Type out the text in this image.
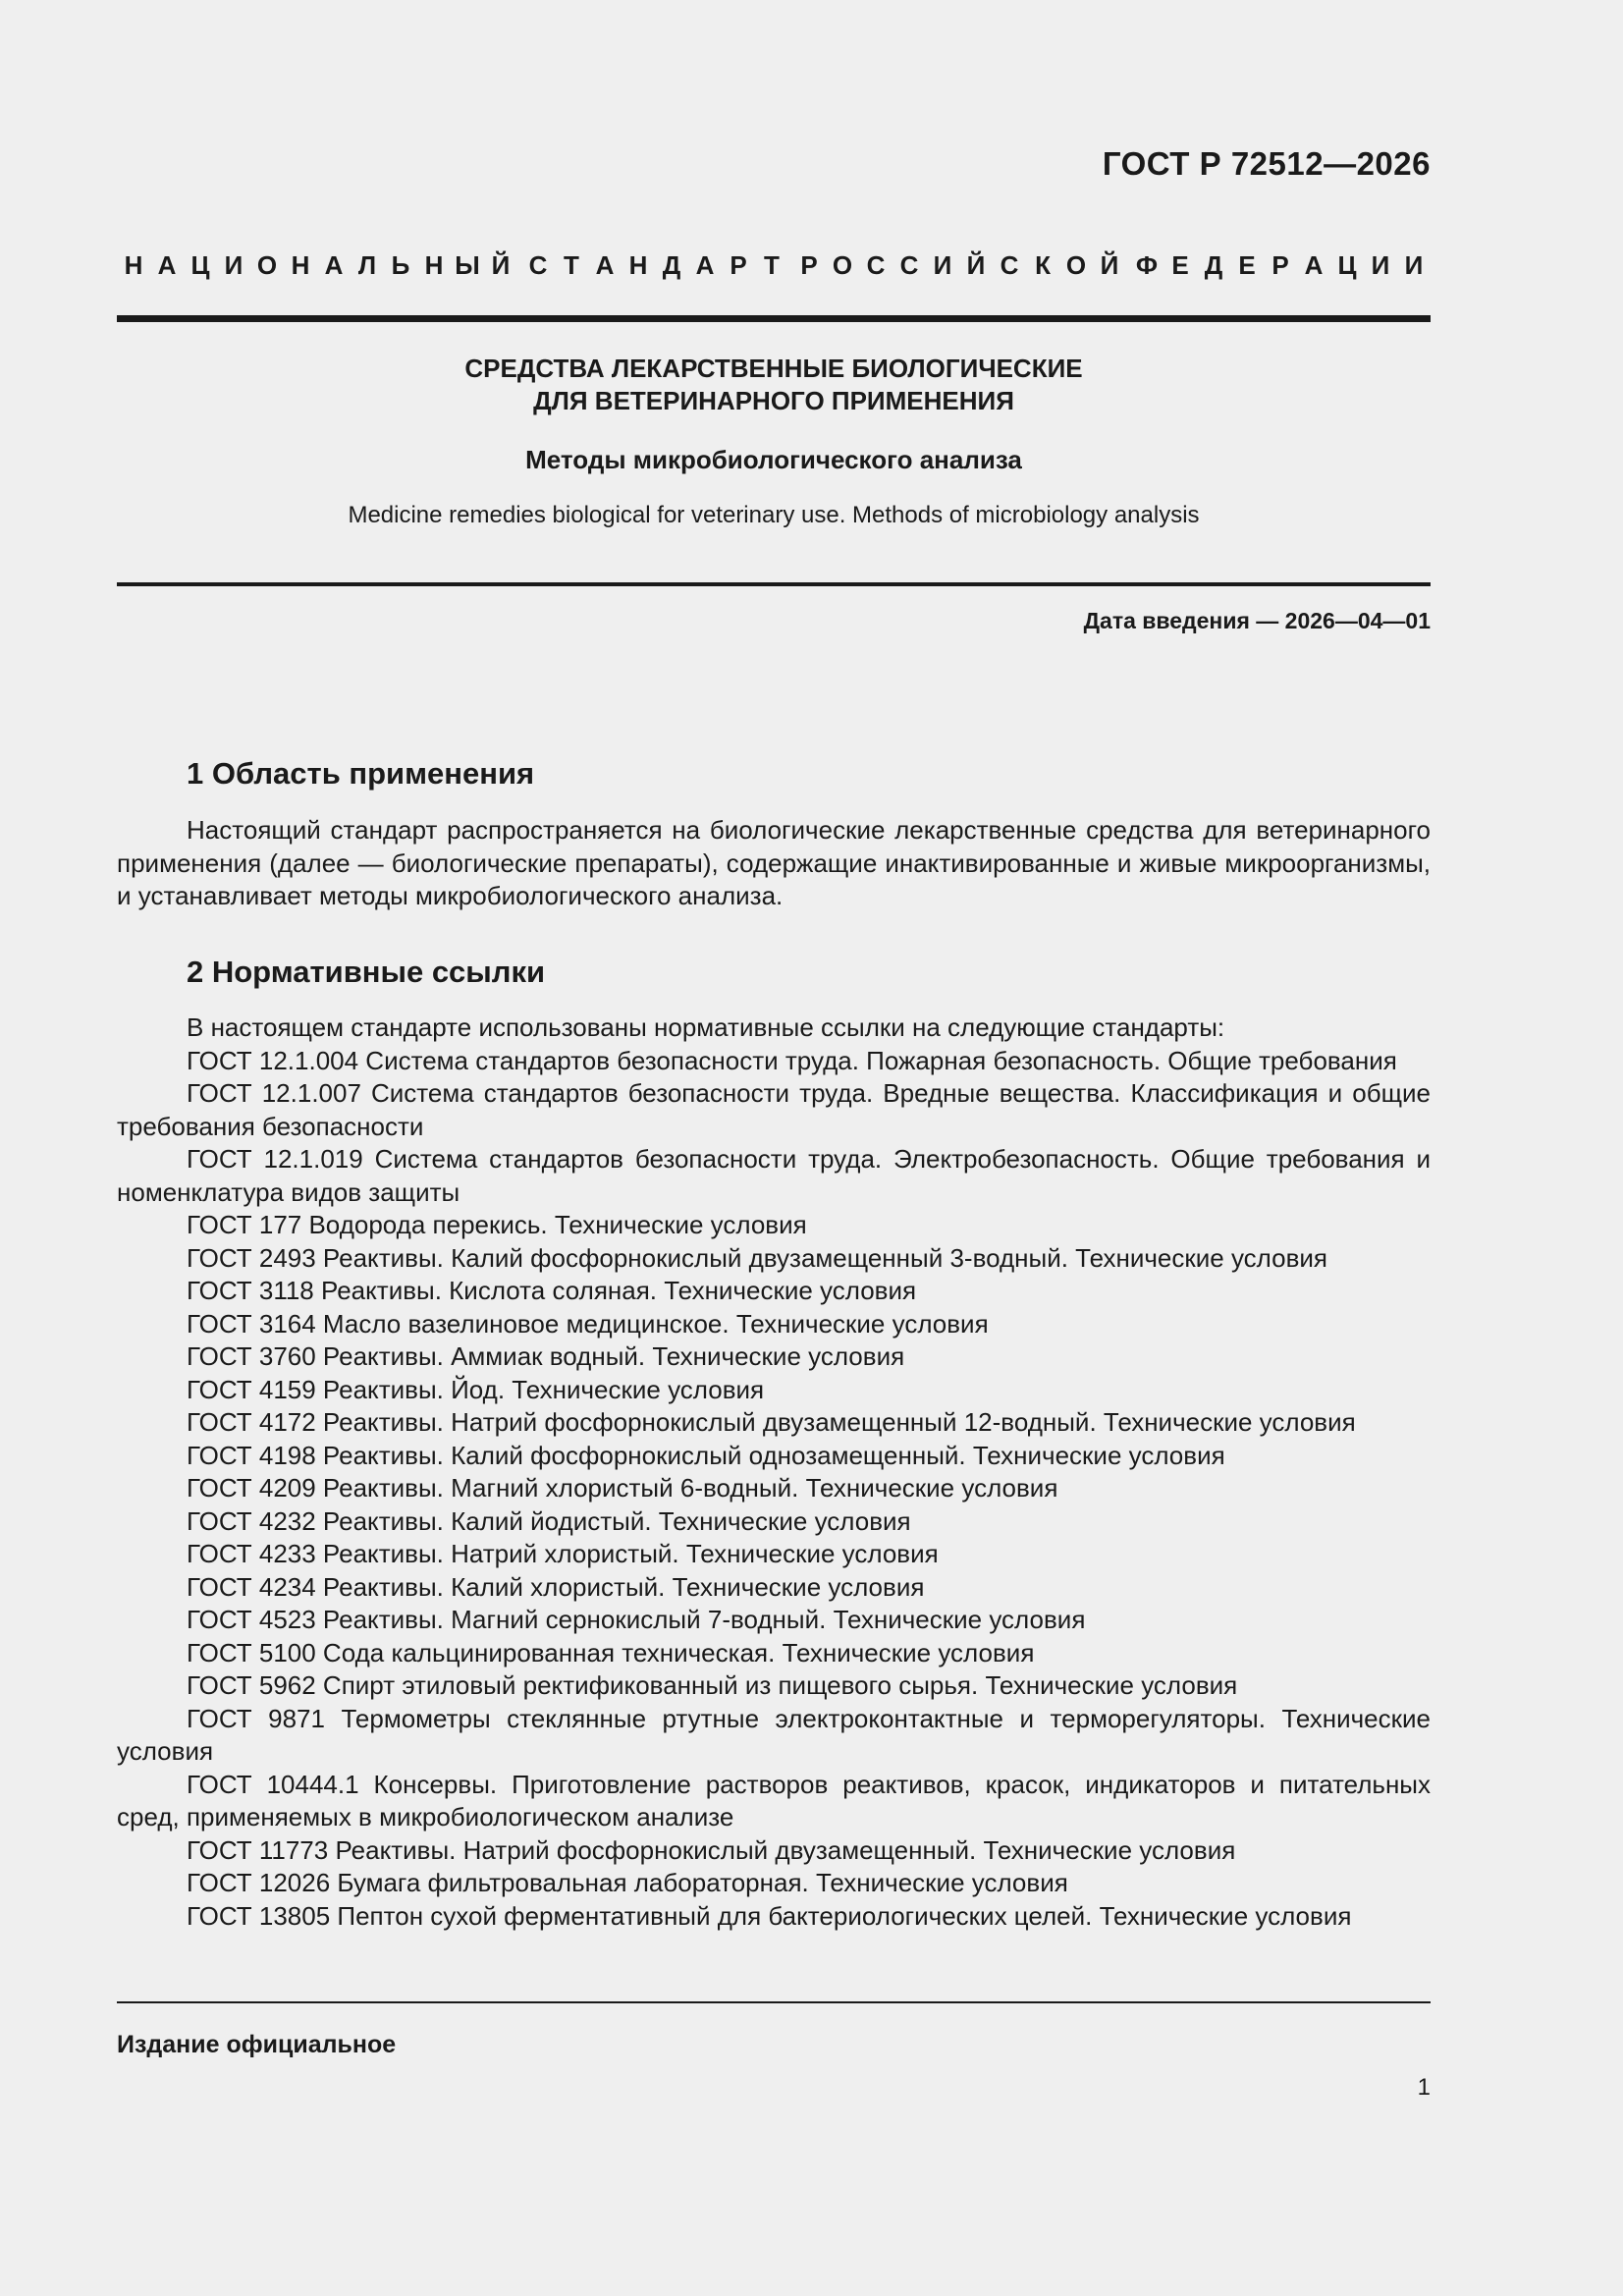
ГОСТ Р 72512—2026
Н А Ц И О Н А Л Ь Н Ы Й С Т А Н Д А Р Т Р О С С И Й С К О Й Ф Е Д Е Р А Ц И И
СРЕДСТВА ЛЕКАРСТВЕННЫЕ БИОЛОГИЧЕСКИЕ
ДЛЯ ВЕТЕРИНАРНОГО ПРИМЕНЕНИЯ
Методы микробиологического анализа
Medicine remedies biological for veterinary use. Methods of microbiology analysis
Дата введения — 2026—04—01
1 Область применения

Настоящий стандарт распространяется на биологические лекарственные средства для ветеринарного применения (далее — биологические препараты), содержащие инактивированные и живые микроорганизмы, и устанавливает методы микробиологического анализа.

2 Нормативные ссылки
В настоящем стандарте использованы нормативные ссылки на следующие стандарты:
ГОСТ 12.1.004 Система стандартов безопасности труда. Пожарная безопасность. Общие требования
ГОСТ 12.1.007 Система стандартов безопасности труда. Вредные вещества. Классификация и общие требования безопасности
ГОСТ 12.1.019 Система стандартов безопасности труда. Электробезопасность. Общие требования и номенклатура видов защиты
ГОСТ 177 Водорода перекись. Технические условия
ГОСТ 2493 Реактивы. Калий фосфорнокислый двузамещенный 3-водный. Технические условия
ГОСТ 3118 Реактивы. Кислота соляная. Технические условия
ГОСТ 3164 Масло вазелиновое медицинское. Технические условия
ГОСТ 3760 Реактивы. Аммиак водный. Технические условия
ГОСТ 4159 Реактивы. Йод. Технические условия
ГОСТ 4172 Реактивы. Натрий фосфорнокислый двузамещенный 12-водный. Технические условия
ГОСТ 4198 Реактивы. Калий фосфорнокислый однозамещенный. Технические условия
ГОСТ 4209 Реактивы. Магний хлористый 6-водный. Технические условия
ГОСТ 4232 Реактивы. Калий йодистый. Технические условия
ГОСТ 4233 Реактивы. Натрий хлористый. Технические условия
ГОСТ 4234 Реактивы. Калий хлористый. Технические условия
ГОСТ 4523 Реактивы. Магний сернокислый 7-водный. Технические условия
ГОСТ 5100 Сода кальцинированная техническая. Технические условия
ГОСТ 5962 Спирт этиловый ректификованный из пищевого сырья. Технические условия
ГОСТ 9871 Термометры стеклянные ртутные электроконтактные и терморегуляторы. Технические условия
ГОСТ 10444.1 Консервы. Приготовление растворов реактивов, красок, индикаторов и питательных сред, применяемых в микробиологическом анализе
ГОСТ 11773 Реактивы. Натрий фосфорнокислый двузамещенный. Технические условия
ГОСТ 12026 Бумага фильтровальная лабораторная. Технические условия
ГОСТ 13805 Пептон сухой ферментативный для бактериологических целей. Технические условия
Издание официальное
1
